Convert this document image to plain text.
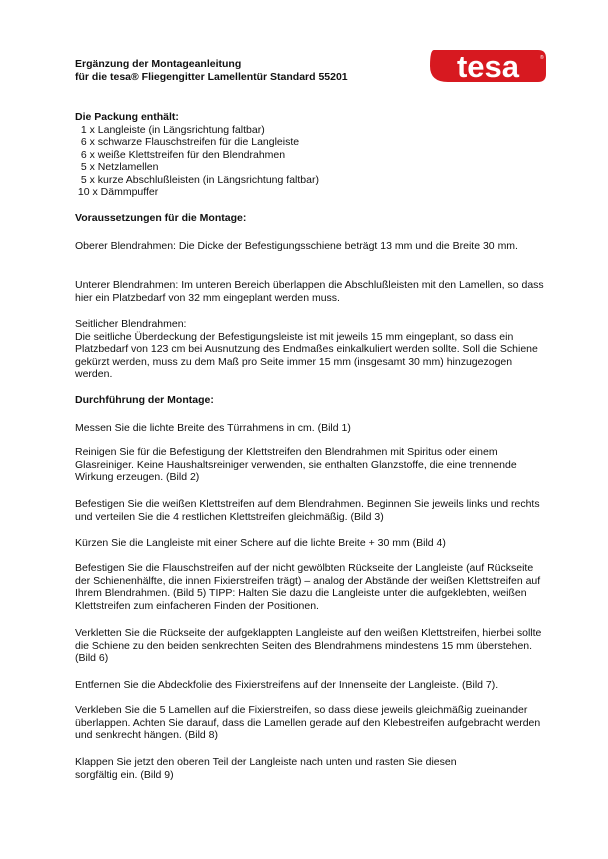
tesa	®
Ergänzung der Montageanleitung
für die tesa® Fliegengitter Lamellentür Standard 55201
Die Packung enthält:
1 x Langleiste (in Längsrichtung faltbar)
6 x schwarze Flauschstreifen für die Langleiste
6 x weiße Klettstreifen für den Blendrahmen
5 x Netzlamellen
5 x kurze Abschlußleisten (in Längsrichtung faltbar)
10 x Dämmpuffer
Voraussetzungen für die Montage:
Oberer Blendrahmen: Die Dicke der Befestigungsschiene beträgt 13 mm und die Breite 30 mm.
Unterer Blendrahmen: Im unteren Bereich überlappen die Abschlußleisten mit den Lamellen, so dass hier ein Platzbedarf von 32 mm eingeplant werden muss.
Seitlicher Blendrahmen:
Die seitliche Überdeckung der Befestigungsleiste ist mit jeweils 15 mm eingeplant, so dass ein Platzbedarf von 123 cm bei Ausnutzung des Endmaßes einkalkuliert werden sollte. Soll die Schiene gekürzt werden, muss zu dem Maß pro Seite immer 15 mm (insgesamt 30 mm) hinzugezogen werden.
Durchführung der Montage:
Messen Sie die lichte Breite des Türrahmens in cm. (Bild 1)
Reinigen Sie für die Befestigung der Klettstreifen den Blendrahmen mit Spiritus oder einem Glasreiniger. Keine Haushaltsreiniger verwenden, sie enthalten Glanzstoffe, die eine trennende Wirkung erzeugen. (Bild 2)
Befestigen Sie die weißen Klettstreifen auf dem Blendrahmen. Beginnen Sie jeweils links und rechts und verteilen Sie die 4 restlichen Klettstreifen gleichmäßig. (Bild 3)
Kürzen Sie die Langleiste mit einer Schere auf die lichte Breite + 30 mm (Bild 4)
Befestigen Sie die Flauschstreifen auf der nicht gewölbten Rückseite der Langleiste (auf Rückseite der Schienenhälfte, die innen Fixierstreifen trägt) – analog der Abstände der weißen Klettstreifen auf Ihrem Blendrahmen. (Bild 5) TIPP: Halten Sie dazu die Langleiste unter die aufgeklebten, weißen Klettstreifen zum einfacheren Finden der Positionen.
Verkletten Sie die Rückseite der aufgeklappten Langleiste auf den weißen Klettstreifen, hierbei sollte die Schiene zu den beiden senkrechten Seiten des Blendrahmens mindestens 15 mm überstehen. (Bild 6)
Entfernen Sie die Abdeckfolie des Fixierstreifens auf der Innenseite der Langleiste. (Bild 7).
Verkleben Sie die 5 Lamellen auf die Fixierstreifen, so dass diese jeweils gleichmäßig zueinander überlappen. Achten Sie darauf, dass die Lamellen gerade auf den Klebestreifen aufgebracht werden und senkrecht hängen. (Bild 8)
Klappen Sie jetzt den oberen Teil der Langleiste nach unten und rasten Sie diesen sorgfältig ein. (Bild 9)
